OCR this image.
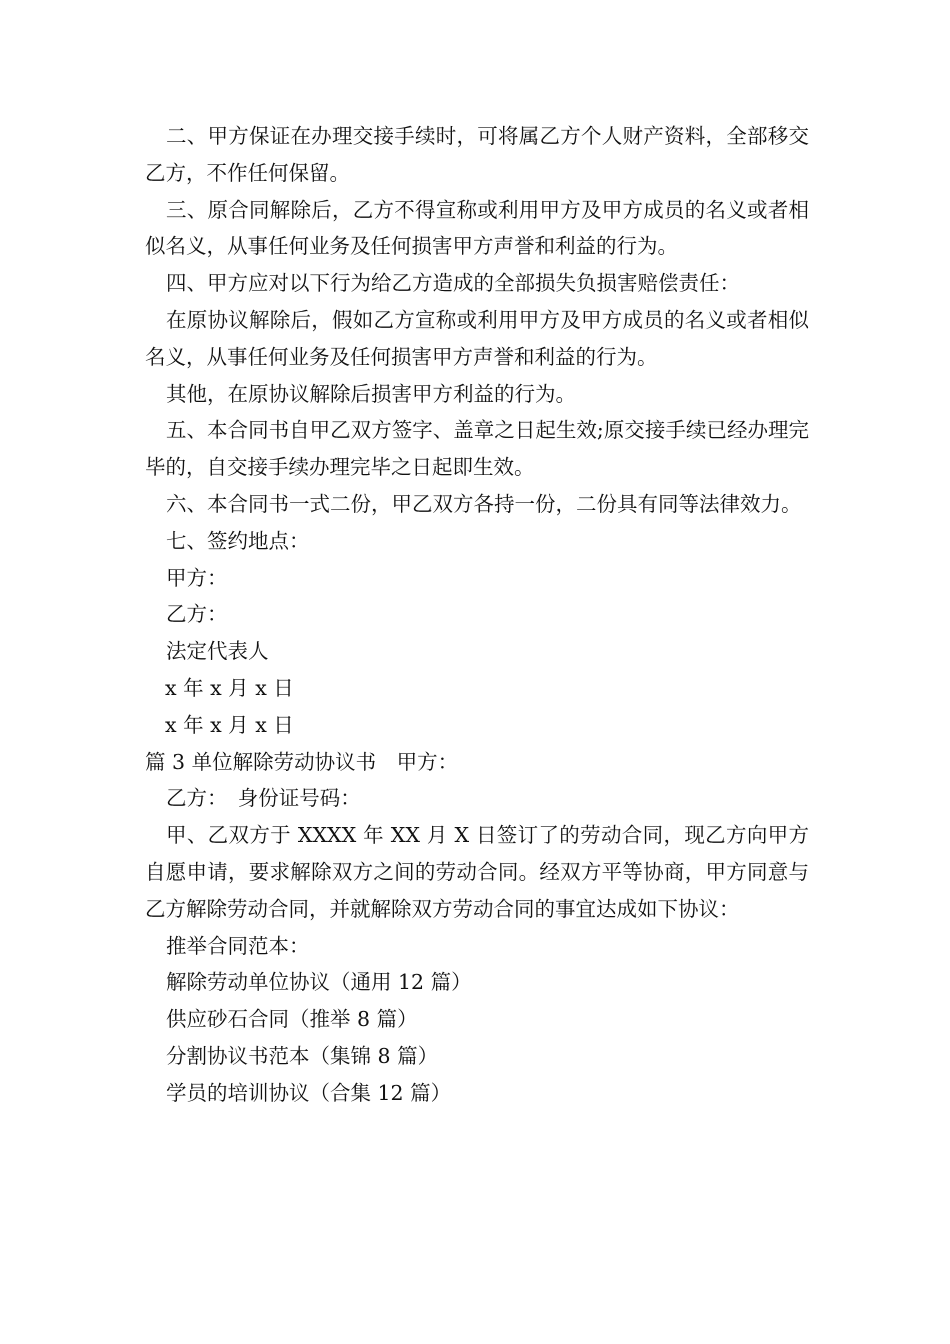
二、甲方保证在办理交接手续时，可将属乙方个人财产资料，全部移交乙方，不作任何保留。

三、原合同解除后，乙方不得宣称或利用甲方及甲方成员的名义或者相似名义，从事任何业务及任何损害甲方声誉和利益的行为。

四、甲方应对以下行为给乙方造成的全部损失负损害赔偿责任：

在原协议解除后，假如乙方宣称或利用甲方及甲方成员的名义或者相似名义，从事任何业务及任何损害甲方声誉和利益的行为。

其他，在原协议解除后损害甲方利益的行为。

五、本合同书自甲乙双方签字、盖章之日起生效;原交接手续已经办理完毕的，自交接手续办理完毕之日起即生效。

六、本合同书一式二份，甲乙双方各持一份，二份具有同等法律效力。

七、签约地点：

甲方：

乙方：

法定代表人

x 年 x 月 x 日

x 年 x 月 x 日

篇 3 单位解除劳动协议书　甲方：

乙方：　身份证号码：

甲、乙双方于 XXXX 年 XX 月 X 日签订了的劳动合同，现乙方向甲方自愿申请，要求解除双方之间的劳动合同。经双方平等协商，甲方同意与乙方解除劳动合同，并就解除双方劳动合同的事宜达成如下协议：

推举合同范本：

解除劳动单位协议（通用 12 篇）

供应砂石合同（推举 8 篇）

分割协议书范本（集锦 8 篇）

学员的培训协议（合集 12 篇）
